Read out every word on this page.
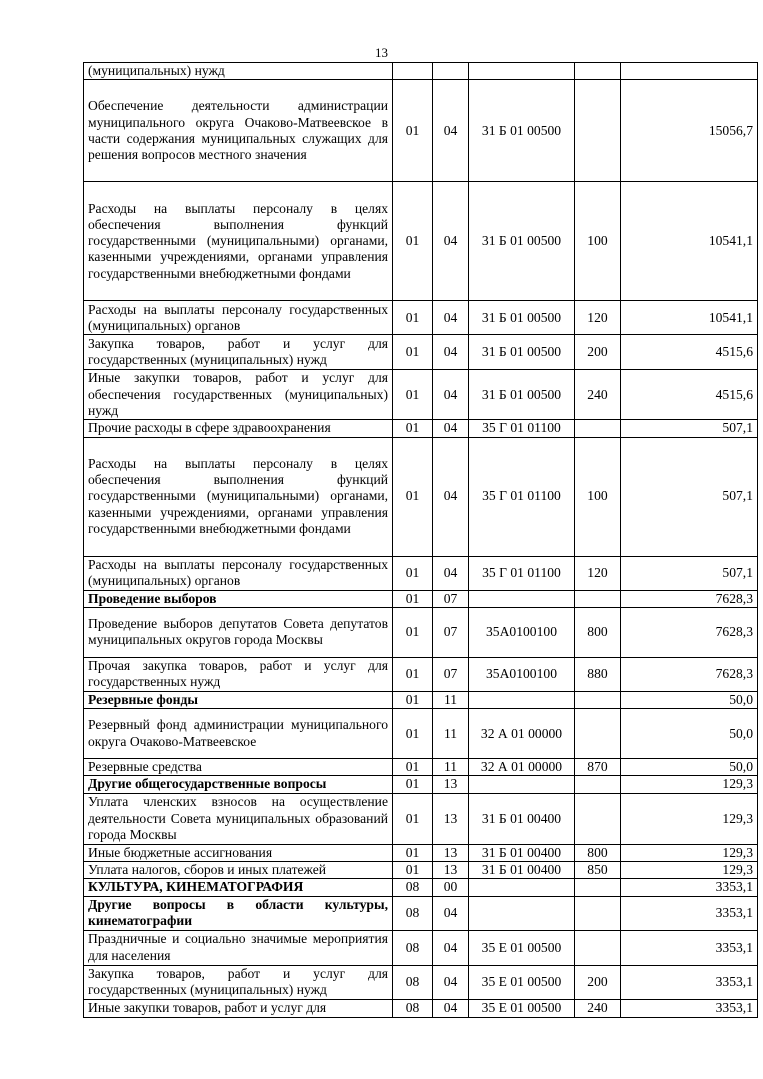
13
(муниципальных) нужд					
Обеспечение деятельности администрации муниципального округа Очаково-Матвеевское в части содержания муниципальных служащих для решения вопросов местного значения	01	04	31 Б 01 00500		15056,7
Расходы на выплаты персоналу в целях обеспечения выполнения функций государственными (муниципальными) органами, казенными учреждениями, органами управления государственными внебюджетными фондами	01	04	31 Б 01 00500	100	10541,1
Расходы на выплаты персоналу государственных (муниципальных) органов	01	04	31 Б 01 00500	120	10541,1
Закупка товаров, работ и услуг для государственных (муниципальных) нужд	01	04	31 Б 01 00500	200	4515,6
Иные закупки товаров, работ и услуг для обеспечения государственных (муниципальных) нужд	01	04	31 Б 01 00500	240	4515,6
Прочие расходы в сфере здравоохранения	01	04	35 Г 01 01100		507,1
Расходы на выплаты персоналу в целях обеспечения выполнения функций государственными (муниципальными) органами, казенными учреждениями, органами управления государственными внебюджетными фондами	01	04	35 Г 01 01100	100	507,1
Расходы на выплаты персоналу государственных (муниципальных) органов	01	04	35 Г 01 01100	120	507,1
Проведение выборов	01	07			7628,3
Проведение выборов депутатов Совета депутатов муниципальных округов города Москвы	01	07	35А0100100	800	7628,3
Прочая закупка товаров, работ и услуг для государственных нужд	01	07	35А0100100	880	7628,3
Резервные фонды	01	11			50,0
Резервный фонд администрации муниципального округа Очаково-Матвеевское	01	11	32 А 01 00000		50,0
Резервные средства	01	11	32 А 01 00000	870	50,0
Другие общегосударственные вопросы	01	13			129,3
Уплата членских взносов на осуществление деятельности Совета муниципальных образований города Москвы	01	13	31 Б 01 00400		129,3
Иные бюджетные ассигнования	01	13	31 Б 01 00400	800	129,3
Уплата налогов, сборов и иных платежей	01	13	31 Б 01 00400	850	129,3
КУЛЬТУРА, КИНЕМАТОГРАФИЯ	08	00			3353,1
Другие вопросы в области культуры, кинематографии	08	04			3353,1
Праздничные и социально значимые мероприятия для населения	08	04	35 Е 01 00500		3353,1
Закупка товаров, работ и услуг для государственных (муниципальных) нужд	08	04	35 Е 01 00500	200	3353,1
Иные закупки товаров, работ и услуг для	08	04	35 Е 01 00500	240	3353,1
